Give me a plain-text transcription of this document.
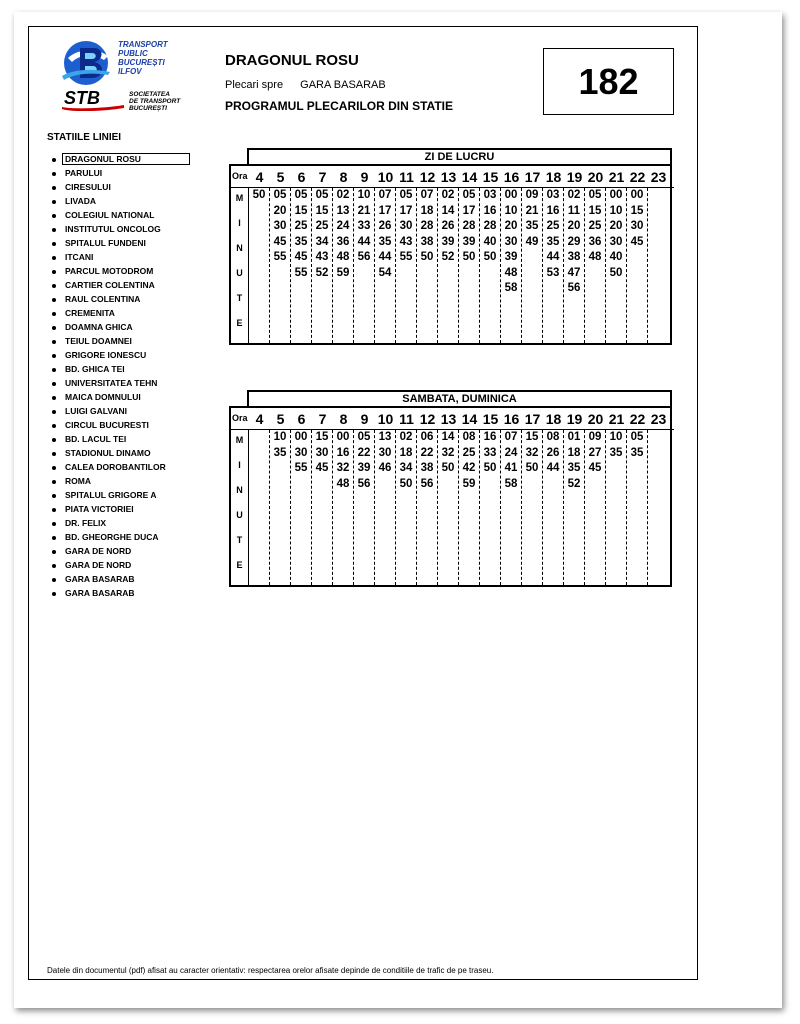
TRANSPORT
PUBLIC
BUCUREȘTI
ILFOV
STB	SOCIETATEA
DE TRANSPORT
BUCUREȘTI
DRAGONUL ROSU
Plecari spre GARA BASARAB
PROGRAMUL PLECARILOR DIN STATIE
182
STATIILE LINIEI
DRAGONUL ROSU
PARULUI
CIRESULUI
LIVADA
COLEGIUL NATIONAL
INSTITUTUL ONCOLOG
SPITALUL FUNDENI
ITCANI
PARCUL MOTODROM
CARTIER COLENTINA
RAUL COLENTINA
CREMENITA
DOAMNA GHICA
TEIUL DOAMNEI
GRIGORE IONESCU
BD. GHICA TEI
UNIVERSITATEA TEHN
MAICA DOMNULUI
LUIGI GALVANI
CIRCUL BUCURESTI
BD. LACUL TEI
STADIONUL DINAMO
CALEA DOROBANTILOR
ROMA
SPITALUL GRIGORE A
PIATA VICTORIEI
DR. FELIX
BD. GHEORGHE DUCA
GARA DE NORD
GARA DE NORD
GARA BASARAB
GARA BASARAB
ZI DE LUCRU
Ora 4 5 6 7 8 9 10 11 12 13 14 15 16 17 18 19 20 21 22 23
M
I
N
U
T
E
50 05
20
30
45
55
05
15
25
35
45
55
05
15
25
34
43
52
02
13
24
36
48
59
10
21
33
44
56
07
17
26
35
44
54
05
17
30
43
55
07
18
28
38
50
02
14
26
39
52
05
17
28
39
50
03
16
28
40
50
00
10
20
30
39
48
58
09
21
35
49
03
16
25
35
44
53
02
11
20
29
38
47
56
05
15
25
36
48
00
10
20
30
40
50
00
15
30
45
SAMBATA, DUMINICA
Ora 4 5 6 7 8 9 10 11 12 13 14 15 16 17 18 19 20 21 22 23
M
I
N
U
T
E
10
35
00
30
55
15
30
45
00
16
32
48
05
22
39
56
13
30
46
02
18
34
50
06
22
38
56
14
32
50
08
25
42
59
16
33
50
07
24
41
58
15
32
50
08
26
44
01
18
35
52
09
27
45
10
35
05
35
Datele din documentul (pdf) afisat au caracter orientativ: respectarea orelor afisate depinde de conditiile de trafic de pe traseu.
